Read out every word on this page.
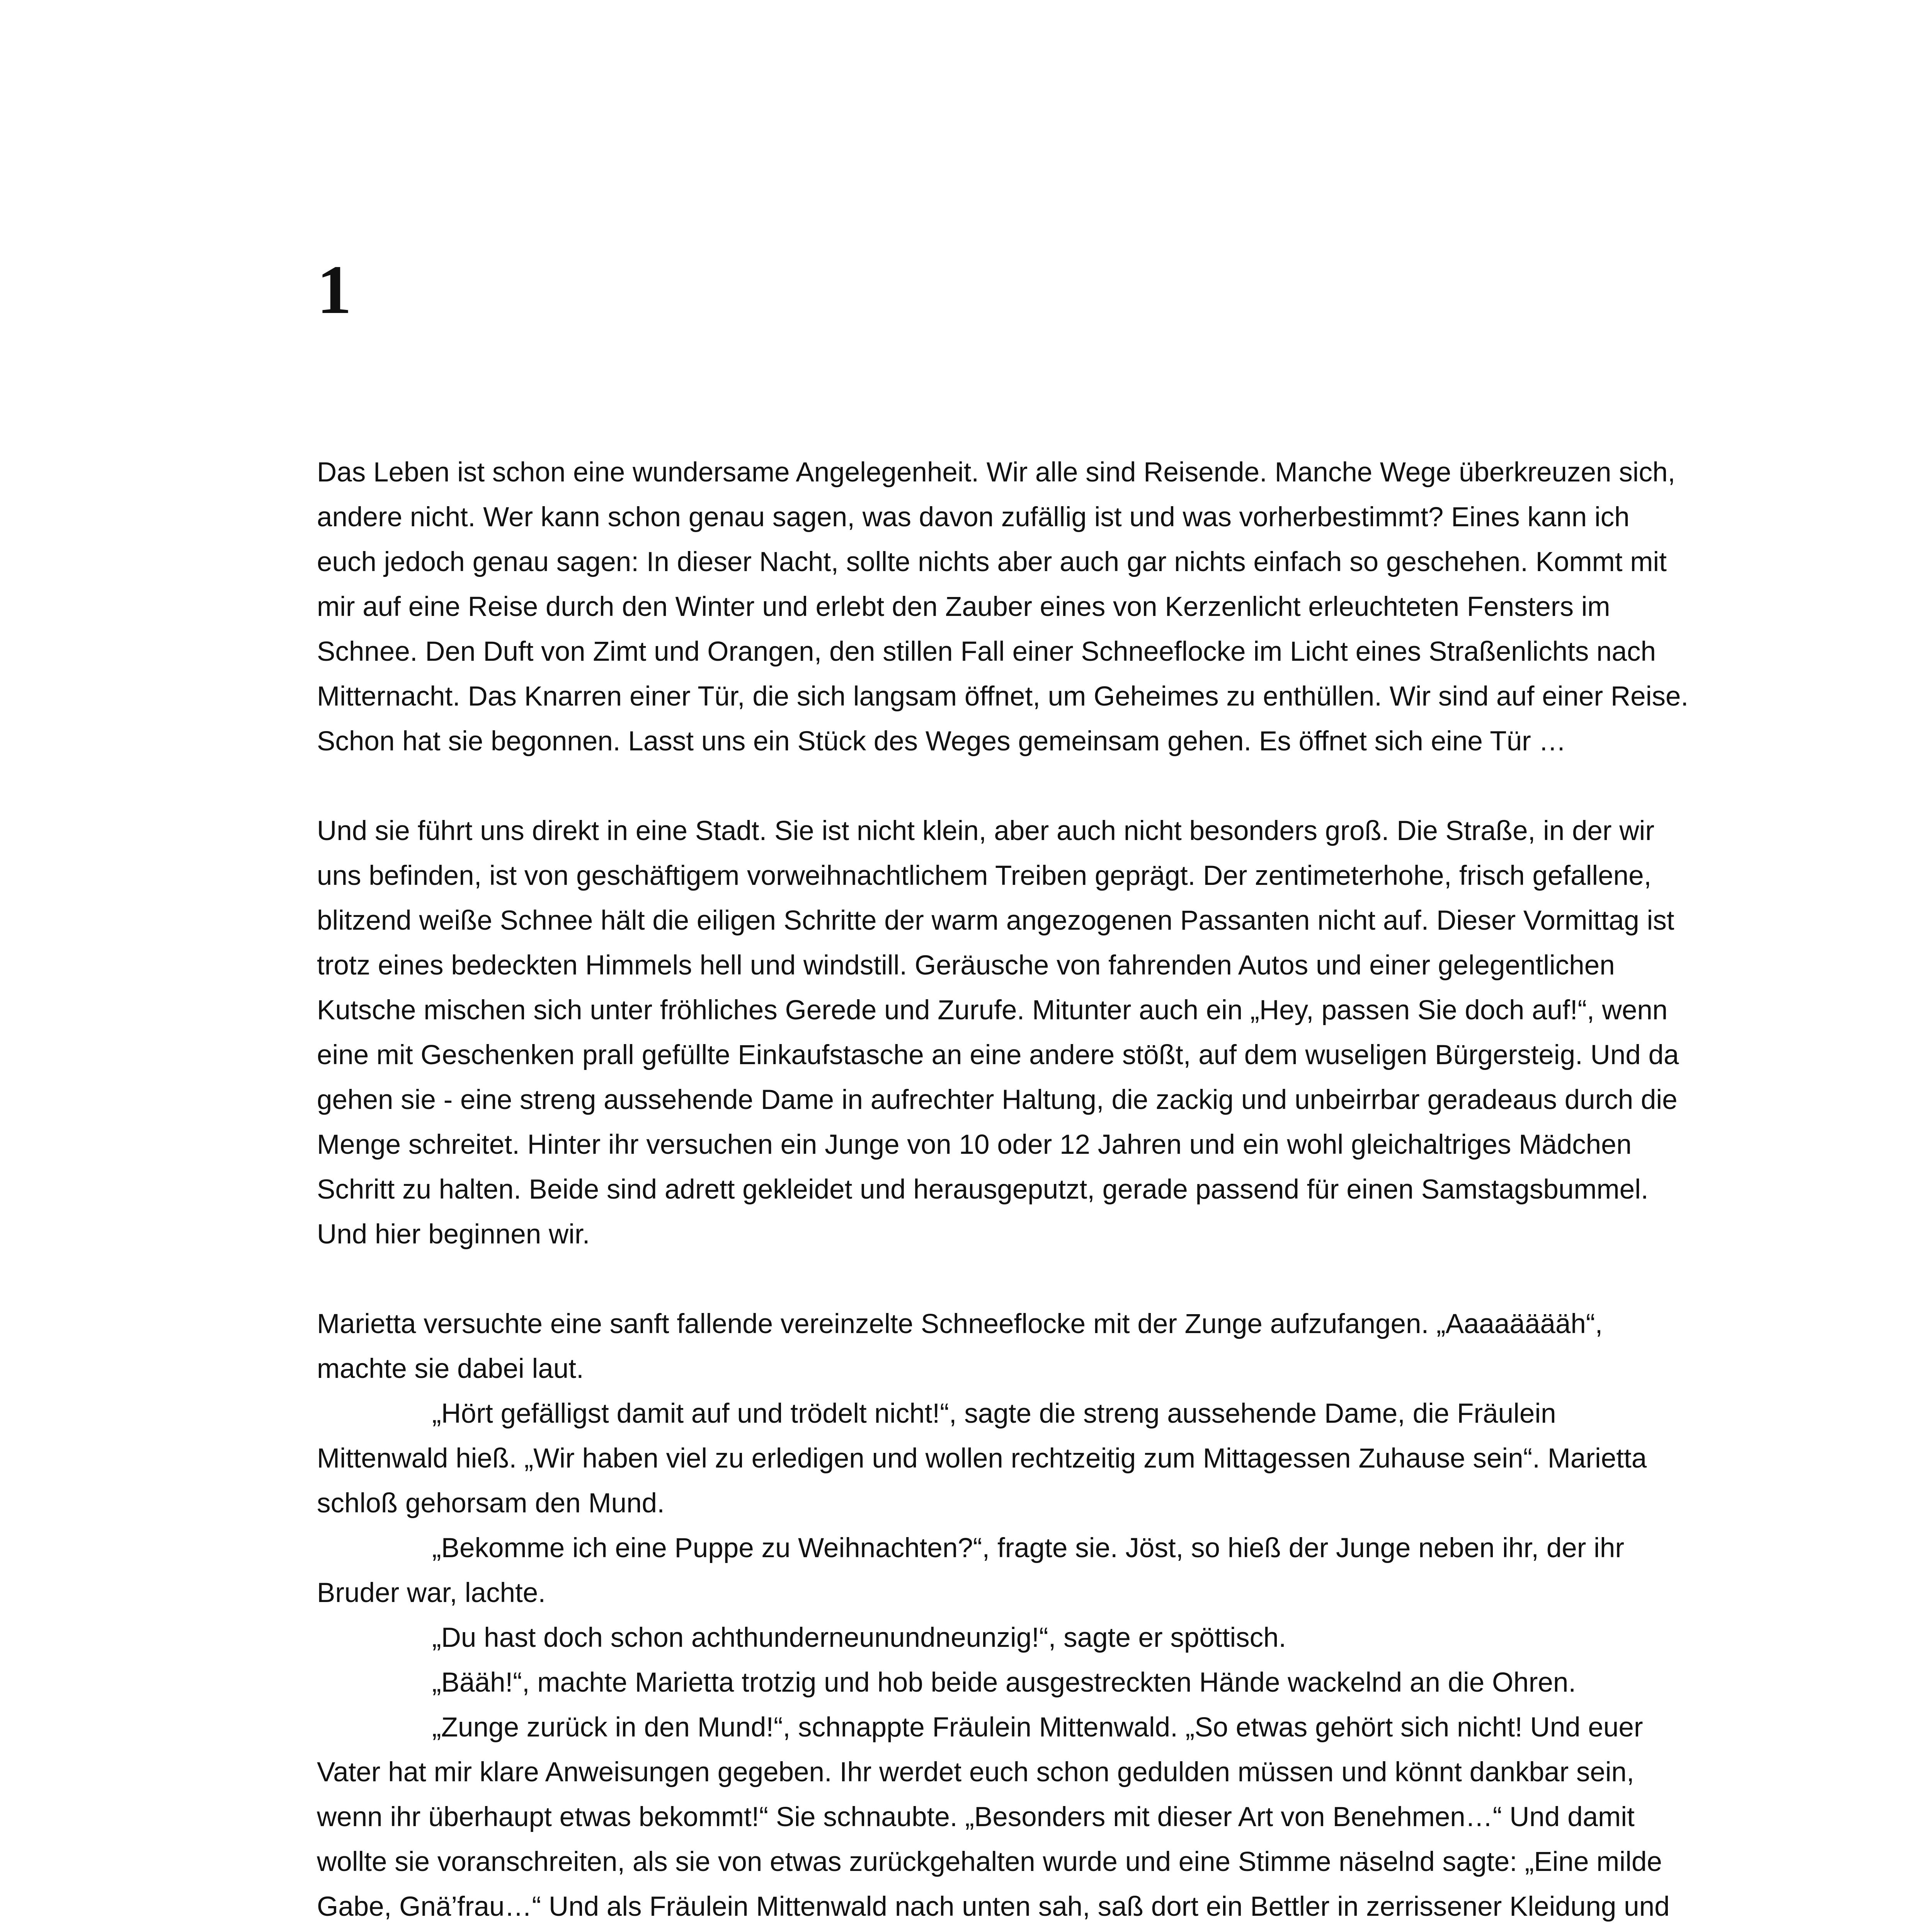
1

Das Leben ist schon eine wundersame Angelegenheit. Wir alle sind Reisende. Manche Wege überkreuzen sich, andere nicht. Wer kann schon genau sagen, was davon zufällig ist und was vorherbestimmt? Eines kann ich euch jedoch genau sagen: In dieser Nacht, sollte nichts aber auch gar nichts einfach so geschehen. Kommt mit mir auf eine Reise durch den Winter und erlebt den Zauber eines von Kerzenlicht erleuchteten Fensters im Schnee. Den Duft von Zimt und Orangen, den stillen Fall einer Schneeflocke im Licht eines Straßenlichts nach Mitternacht. Das Knarren einer Tür, die sich langsam öffnet, um Geheimes zu enthüllen. Wir sind auf einer Reise. Schon hat sie begonnen. Lasst uns ein Stück des Weges gemeinsam gehen. Es öffnet sich eine Tür …

Und sie führt uns direkt in eine Stadt. Sie ist nicht klein, aber auch nicht besonders groß. Die Straße, in der wir uns befinden, ist von geschäftigem vorweihnachtlichem Treiben geprägt. Der zentimeterhohe, frisch gefallene, blitzend weiße Schnee hält die eiligen Schritte der warm angezogenen Passanten nicht auf. Dieser Vormittag ist trotz eines bedeckten Himmels hell und windstill. Geräusche von fahrenden Autos und einer gelegentlichen Kutsche mischen sich unter fröhliches Gerede und Zurufe. Mitunter auch ein „Hey, passen Sie doch auf!“, wenn eine mit Geschenken prall gefüllte Einkaufstasche an eine andere stößt, auf dem wuseligen Bürgersteig. Und da gehen sie - eine streng aussehende Dame in aufrechter Haltung, die zackig und unbeirrbar geradeaus durch die Menge schreitet. Hinter ihr versuchen ein Junge von 10 oder 12 Jahren und ein wohl gleichaltriges Mädchen Schritt zu halten. Beide sind adrett gekleidet und herausgeputzt, gerade passend für einen Samstagsbummel. Und hier beginnen wir.

Marietta versuchte eine sanft fallende vereinzelte Schneeflocke mit der Zunge aufzufangen. „Aaaaääääh“, machte sie dabei laut.

„Hört gefälligst damit auf und trödelt nicht!“, sagte die streng aussehende Dame, die Fräulein Mittenwald hieß. „Wir haben viel zu erledigen und wollen rechtzeitig zum Mittagessen Zuhause sein“. Marietta schloß gehorsam den Mund.

„Bekomme ich eine Puppe zu Weihnachten?“, fragte sie. Jöst, so hieß der Junge neben ihr, der ihr Bruder war, lachte.

„Du hast doch schon achthunderneunundneunzig!“, sagte er spöttisch.

„Bääh!“, machte Marietta trotzig und hob beide ausgestreckten Hände wackelnd an die Ohren.

„Zunge zurück in den Mund!“, schnappte Fräulein Mittenwald. „So etwas gehört sich nicht! Und euer Vater hat mir klare Anweisungen gegeben. Ihr werdet euch schon gedulden müssen und könnt dankbar sein, wenn ihr überhaupt etwas bekommt!“ Sie schnaubte. „Besonders mit dieser Art von Benehmen…“ Und damit wollte sie voranschreiten, als sie von etwas zurückgehalten wurde und eine Stimme näselnd sagte: „Eine milde Gabe, Gnä’frau…“ Und als Fräulein Mittenwald nach unten sah, saß dort ein Bettler in zerrissener Kleidung und
